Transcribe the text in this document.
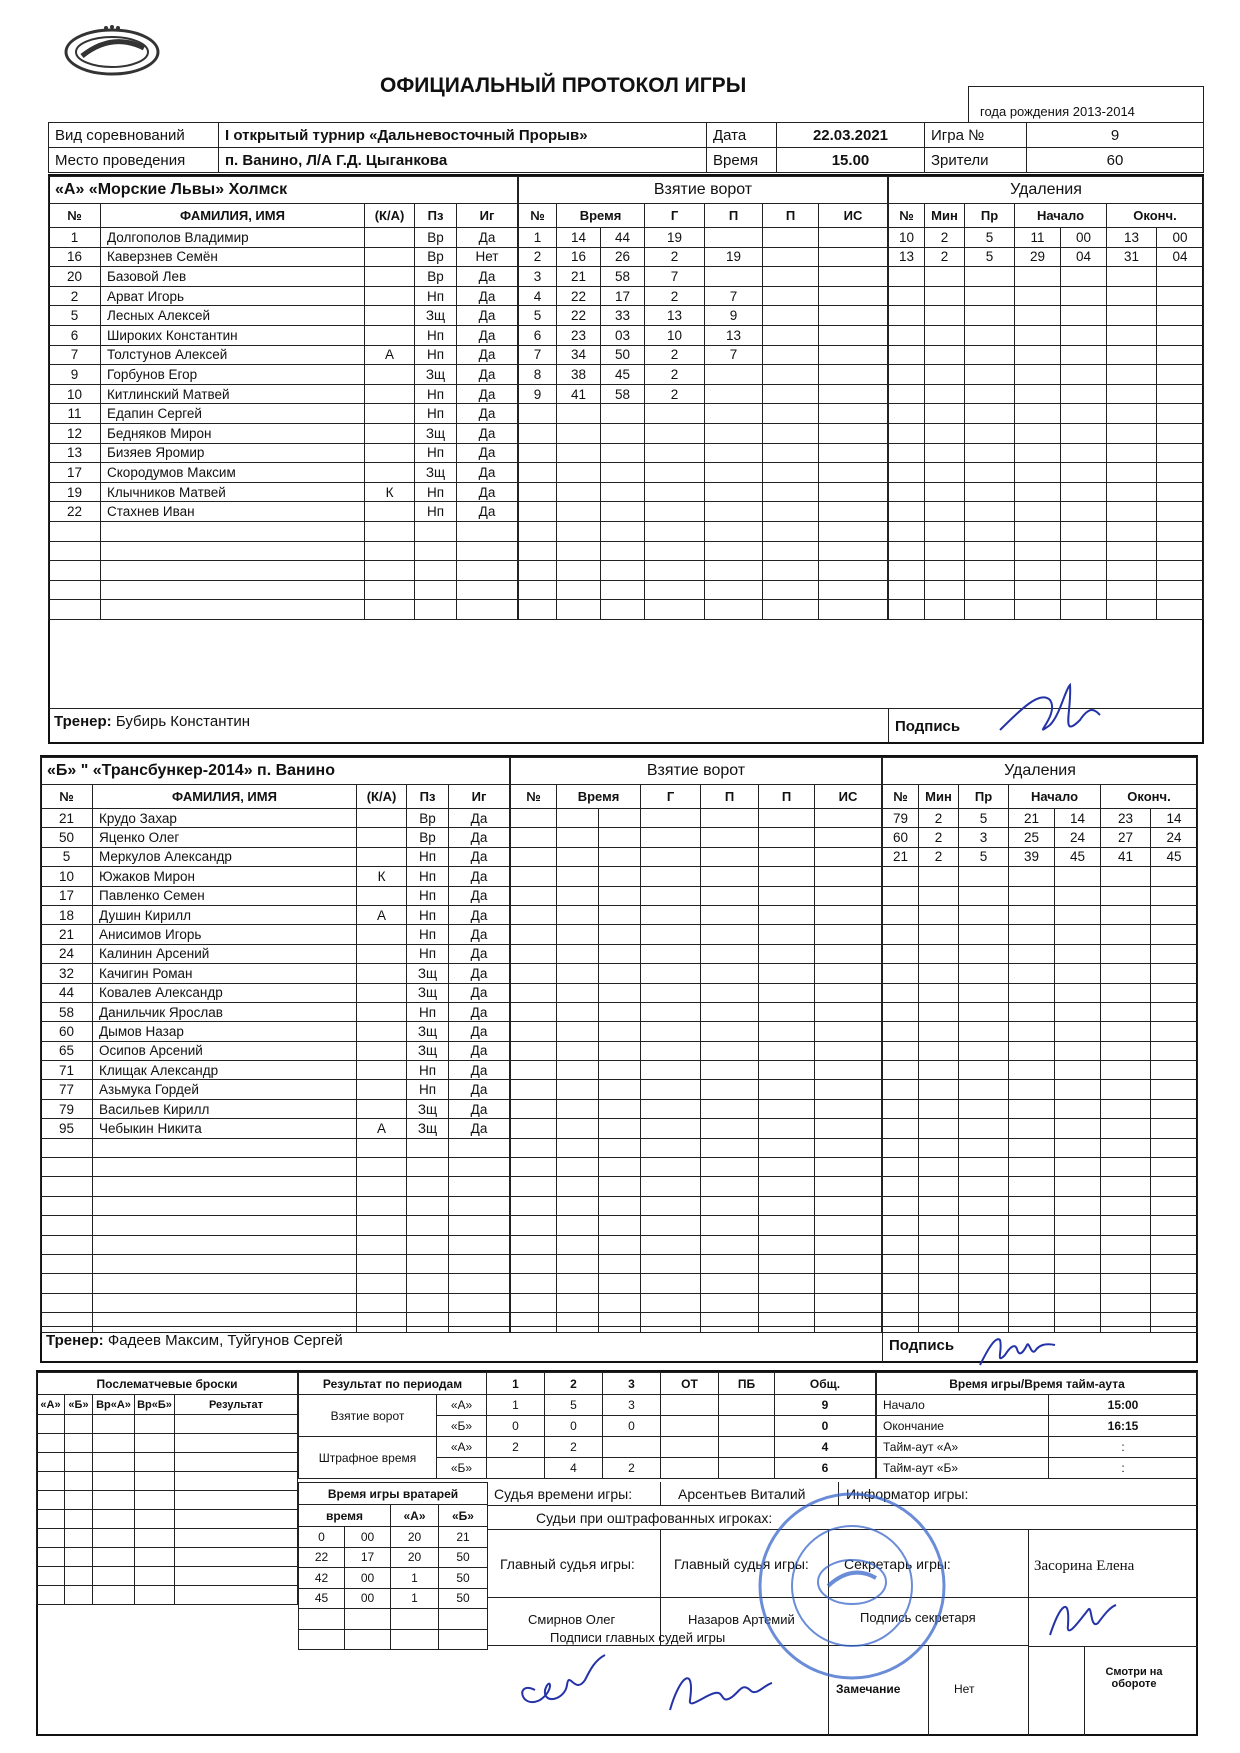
ОФИЦИАЛЬНЫЙ ПРОТОКОЛ ИГРЫ
года рождения 2013-2014
Вид соревнований	I открытый турнир «Дальневосточный Прорыв»	Дата	22.03.2021	Игра №	9
Место проведения	п. Ванино, Л/А Г.Д. Цыганкова	Время	15.00	Зрители	60
«А» «Морские Львы» Холмск				
№	ФАМИЛИЯ, ИМЯ	(К/А)	Пз	Иг
1	Долгополов Владимир		Вр	Да
16	Каверзнев Семён		Вр	Нет
20	Базовой Лев		Вр	Да
2	Арват Игорь		Нп	Да
5	Лесных Алексей		Зщ	Да
6	Широких Константин		Нп	Да
7	Толстунов Алексей	А	Нп	Да
9	Горбунов Егор		Зщ	Да
10	Китлинский Матвей		Нп	Да
11	Едапин Сергей		Нп	Да
12	Бедняков Мирон		Зщ	Да
13	Бизяев Яромир		Нп	Да
17	Скородумов Максим		Зщ	Да
19	Клычников Матвей	К	Нп	Да
22	Стахнев Иван		Нп	Да

Взятие ворот						
№	Время		Г	П	П	ИС
1	14	44	19			
2	16	26	2	19		
3	21	58	7			
4	22	17	2	7		
5	22	33	13	9		
6	23	03	10	13		
7	34	50	2	7		
8	38	45	2			
9	41	58	2			

Удаления						
№	Мин	Пр	Начало		Оконч.	
10	2	5	11	00	13	00
13	2	5	29	04	31	04

Тренер: Бубирь Константин	Подпись
«Б» " «Трансбункер-2014» п. Ванино				
№	ФАМИЛИЯ, ИМЯ	(К/А)	Пз	Иг
21	Крудо Захар		Вр	Да
50	Яценко Олег		Вр	Да
5	Меркулов Александр		Нп	Да
10	Южаков Мирон	К	Нп	Да
17	Павленко Семен		Нп	Да
18	Душин Кирилл	А	Нп	Да
21	Анисимов Игорь		Нп	Да
24	Калинин Арсений		Нп	Да
32	Качигин Роман		Зщ	Да
44	Ковалев Александр		Зщ	Да
58	Данильчик Ярослав		Нп	Да
60	Дымов Назар		Зщ	Да
65	Осипов Арсений		Зщ	Да
71	Клищак Александр		Нп	Да
77	Азьмука Гордей		Нп	Да
79	Васильев Кирилл		Зщ	Да
95	Чебыкин Никита	А	Зщ	Да

Взятие ворот						
№	Время		Г	П	П	ИС

Удаления						
№	Мин	Пр	Начало		Оконч.	
79	2	5	21	14	23	14
60	2	3	25	24	27	24
21	2	5	39	45	41	45

Тренер: Фадеев Максим, Туйгунов Сергей	Подпись
Послематчевые броски				
«А»	«Б»	Вр«А»	Вр«Б»	Результат

Результат по периодам		1	2	3	ОТ	ПБ	Общ.
Взятие ворот	«А»	1	5	3			9
	«Б»	0	0	0			0
Штрафное время	«А»	2	2				4
	«Б»		4	2			6
Время игры/Время тайм-аута	
Начало	15:00
Окончание	16:15
Тайм-аут «А»	:
Тайм-аут «Б»	:
Время игры вратарей			
время		«А»	«Б»
0	00	20	21
22	17	20	50
42	00	1	50
45	00	1	50

Судья времени игры:	Арсентьев Виталий	Информатор игры:
Судьи при оштрафованных игроках:
Главный судья игры:	Главный судья игры:	Секретарь игры:	Засорина Елена
Смирнов Олег	Назаров Артемий	Подпись секретаря
Подписи главных судей игры
Замечание	Нет
Смотри на обороте
